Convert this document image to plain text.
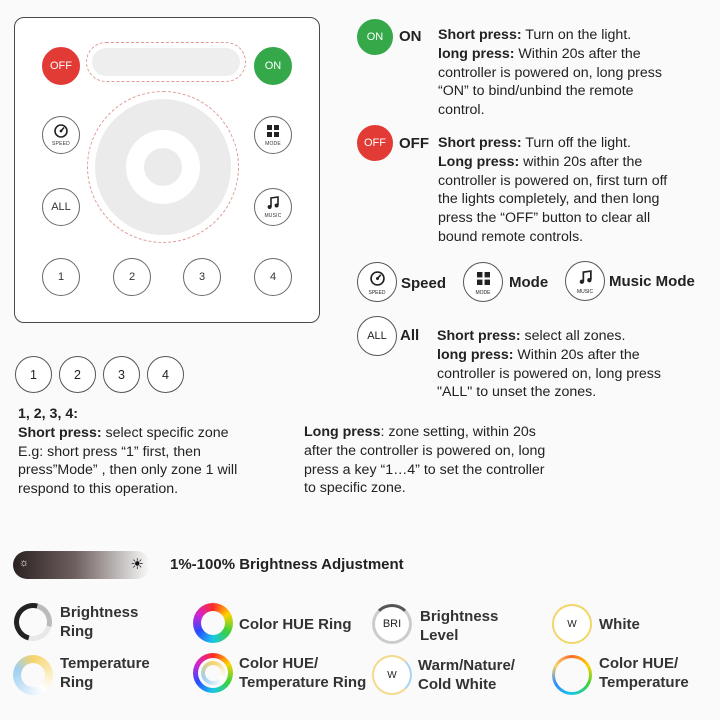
OFF	ON
SPEED	MODE
ALL
MUSIC
1	2	3	4
ON ON Short press: Turn on the light.
long press: Within 20s after the
controller is powered on, long press
“ON” to bind/unbind the remote
control.
OFF OFF Short press: Turn off the light.
Long press: within 20s after the
controller is powered on, first turn off
the lights completely, and then long
press the “OFF” button to clear all
bound remote controls.
SPEED
Speed
MODE
Mode
MUSIC
Music Mode
ALL All Short press: select all zones.
long press: Within 20s after the
controller is powered on, long press
"ALL" to unset the zones.
1	2	3	4
1, 2, 3, 4:
Short press: select specific zone
E.g: short press “1” first, then
press”Mode” , then only zone 1 will
respond to this operation.
Long press: zone setting, within 20s
after the controller is powered on, long
press a key “1…4” to set the controller
to specific zone.
☼	☀ 1%-100% Brightness Adjustment
Brightness
Ring	Color HUE Ring	BRI Brightness
Level
W White
Temperature
Ring
Color HUE/
Temperature Ring W
Warm/Nature/
Cold White
Color HUE/
Temperature
